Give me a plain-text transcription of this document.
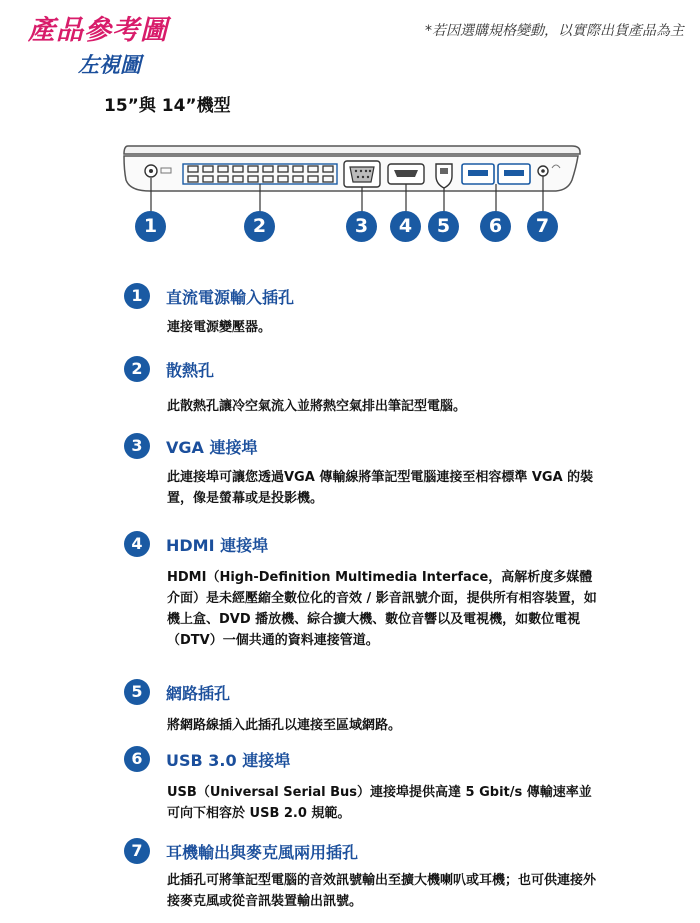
產品參考圖	*若因選購規格變動，以實際出貨產品為主
左視圖
15”與 14”機型
1	2	3	4	5	6	7
1	直流電源輸入插孔
連接電源變壓器。
2	散熱孔
此散熱孔讓冷空氣流入並將熱空氣排出筆記型電腦。
3	VGA 連接埠
此連接埠可讓您透過VGA 傳輸線將筆記型電腦連接至相容標準 VGA 的裝置，像是螢幕或是投影機。
4	HDMI 連接埠
HDMI（High-Definition Multimedia Interface，高解析度多媒體介面）是未經壓縮全數位化的音效 / 影音訊號介面，提供所有相容裝置，如機上盒、DVD 播放機、綜合擴大機、數位音響以及電視機，如數位電視（DTV）一個共通的資料連接管道。
5	網路插孔
將網路線插入此插孔以連接至區域網路。
6	USB 3.0 連接埠
USB（Universal Serial Bus）連接埠提供高達 5 Gbit/s 傳輸速率並可向下相容於 USB 2.0 規範。
7	耳機輸出與麥克風兩用插孔
此插孔可將筆記型電腦的音效訊號輸出至擴大機喇叭或耳機；也可供連接外接麥克風或從音訊裝置輸出訊號。
